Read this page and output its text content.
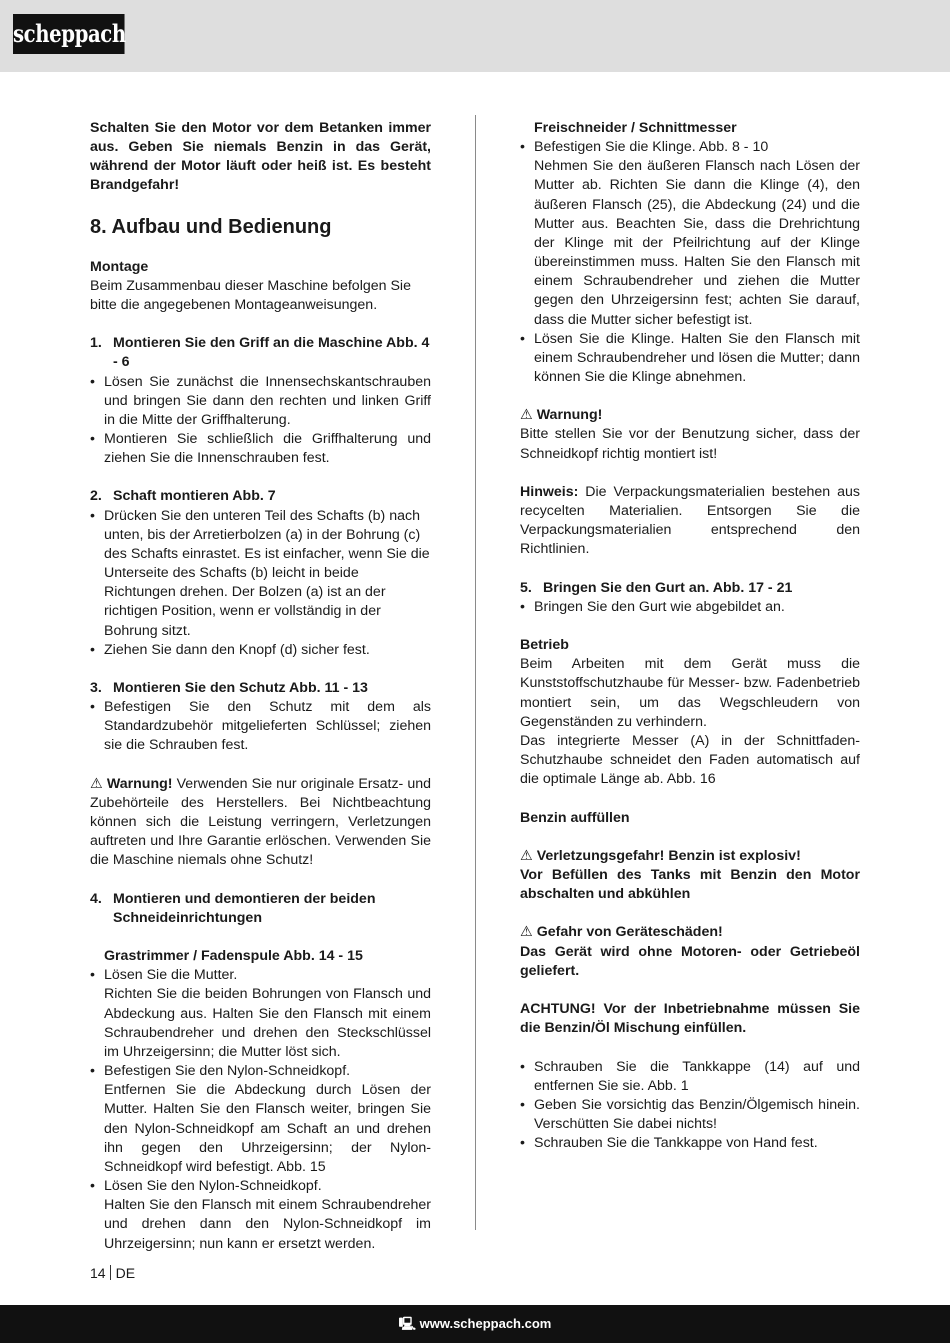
scheppach

Schalten Sie den Motor vor dem Betanken immer aus. Geben Sie niemals Benzin in das Gerät, während der Motor läuft oder heiß ist. Es besteht Brandgefahr!

8. Aufbau und Bedienung

Montage

Beim Zusammenbau dieser Maschine befolgen Sie bitte die angegebenen Montageanweisungen.

1. Montieren Sie den Griff an die Maschine Abb. 4 - 6
• Lösen Sie zunächst die Innensechskantschrauben und bringen Sie dann den rechten und linken Griff in die Mitte der Griffhalterung.
• Montieren Sie schließlich die Griffhalterung und ziehen Sie die Innenschrauben fest.
2. Schaft montieren Abb. 7
• Drücken Sie den unteren Teil des Schafts (b) nach unten, bis der Arretierbolzen (a) in der Bohrung (c) des Schafts einrastet. Es ist einfacher, wenn Sie die Unterseite des Schafts (b) leicht in beide Richtungen drehen. Der Bolzen (a) ist an der richtigen Position, wenn er vollständig in der Bohrung sitzt.
• Ziehen Sie dann den Knopf (d) sicher fest.
3. Montieren Sie den Schutz Abb. 11 - 13
• Befestigen Sie den Schutz mit dem als Standardzubehör mitgelieferten Schlüssel; ziehen sie die Schrauben fest.

⚠ Warnung! Verwenden Sie nur originale Ersatz- und Zubehörteile des Herstellers. Bei Nichtbeachtung können sich die Leistung verringern, Verletzungen auftreten und Ihre Garantie erlöschen. Verwenden Sie die Maschine niemals ohne Schutz!

4. Montieren und demontieren der beiden Schneideinrichtungen

Grastrimmer / Fadenspule Abb. 14 - 15

• Lösen Sie die Mutter.
Richten Sie die beiden Bohrungen von Flansch und Abdeckung aus. Halten Sie den Flansch mit einem Schraubendreher und drehen den Steckschlüssel im Uhrzeigersinn; die Mutter löst sich.
• Befestigen Sie den Nylon-Schneidkopf.
Entfernen Sie die Abdeckung durch Lösen der Mutter. Halten Sie den Flansch weiter, bringen Sie den Nylon-Schneidkopf am Schaft an und drehen ihn gegen den Uhrzeigersinn; der Nylon-Schneidkopf wird befestigt. Abb. 15
• Lösen Sie den Nylon-Schneidkopf.
Halten Sie den Flansch mit einem Schraubendreher und drehen dann den Nylon-Schneidkopf im Uhrzeigersinn; nun kann er ersetzt werden.

Freischneider / Schnittmesser

• Befestigen Sie die Klinge. Abb. 8 - 10
Nehmen Sie den äußeren Flansch nach Lösen der Mutter ab. Richten Sie dann die Klinge (4), den äußeren Flansch (25), die Abdeckung (24) und die Mutter aus. Beachten Sie, dass die Drehrichtung der Klinge mit der Pfeilrichtung auf der Klinge übereinstimmen muss. Halten Sie den Flansch mit einem Schraubendreher und ziehen die Mutter gegen den Uhrzeigersinn fest; achten Sie darauf, dass die Mutter sicher befestigt ist.
• Lösen Sie die Klinge. Halten Sie den Flansch mit einem Schraubendreher und lösen die Mutter; dann können Sie die Klinge abnehmen.

⚠ Warnung!

Bitte stellen Sie vor der Benutzung sicher, dass der Schneidkopf richtig montiert ist!

Hinweis: Die Verpackungsmaterialien bestehen aus recycelten Materialien. Entsorgen Sie die Verpackungsmaterialien entsprechend den Richtlinien.

5. Bringen Sie den Gurt an. Abb. 17 - 21
• Bringen Sie den Gurt wie abgebildet an.

Betrieb

Beim Arbeiten mit dem Gerät muss die Kunststoffschutzhaube für Messer- bzw. Fadenbetrieb montiert sein, um das Wegschleudern von Gegenständen zu verhindern.

Das integrierte Messer (A) in der Schnittfaden-Schutzhaube schneidet den Faden automatisch auf die optimale Länge ab. Abb. 16

Benzin auffüllen

⚠ Verletzungsgefahr! Benzin ist explosiv!

Vor Befüllen des Tanks mit Benzin den Motor abschalten und abkühlen

⚠ Gefahr von Geräteschäden!

Das Gerät wird ohne Motoren- oder Getriebeöl geliefert.

ACHTUNG! Vor der Inbetriebnahme müssen Sie die Benzin/Öl Mischung einfüllen.

• Schrauben Sie die Tankkappe (14) auf und entfernen Sie sie. Abb. 1
• Geben Sie vorsichtig das Benzin/Ölgemisch hinein. Verschütten Sie dabei nichts!
• Schrauben Sie die Tankkappe von Hand fest.
14 DE
🖳 www.scheppach.com
